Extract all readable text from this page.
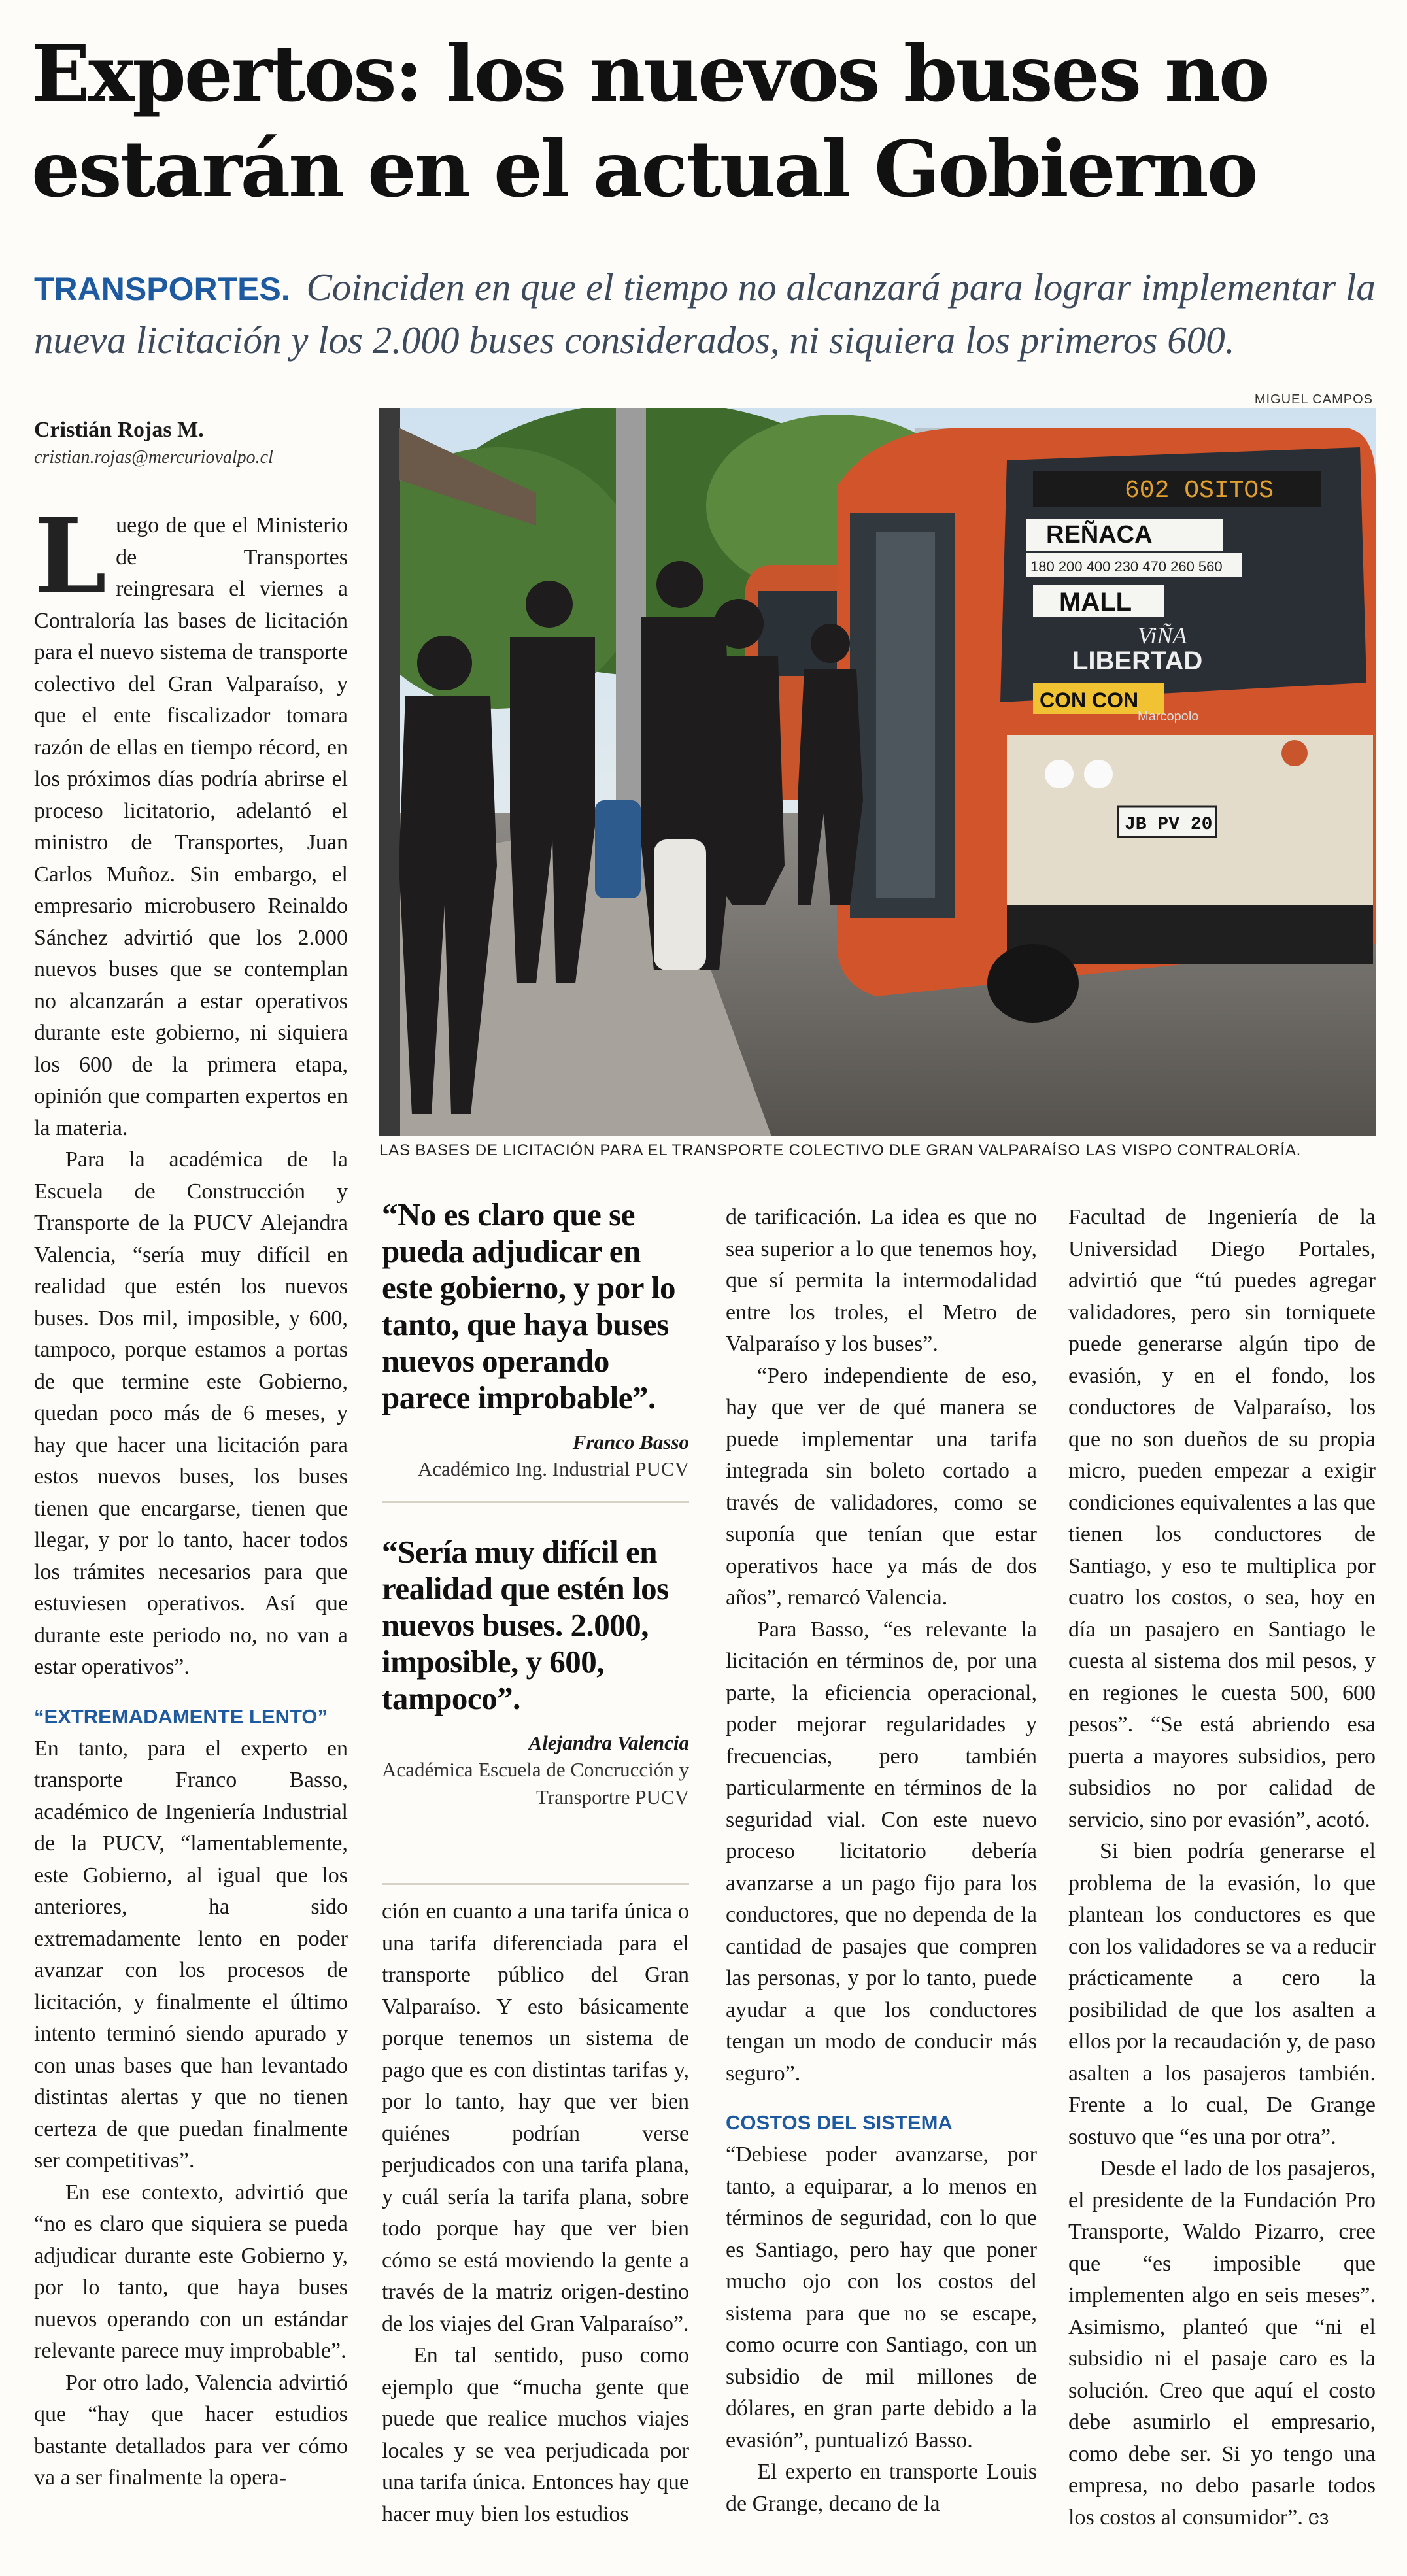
Expertos: los nuevos buses no estarán en el actual Gobierno
TRANSPORTES. Coinciden en que el tiempo no alcanzará para lograr implementar la nueva licitación y los 2.000 buses considerados, ni siquiera los primeros 600.
Cristián Rojas M.
cristian.rojas@mercuriovalpo.cl

Luego de que el Ministerio de Transportes reingresara el viernes a Contraloría las bases de licitación para el nuevo sistema de transporte colectivo del Gran Valparaíso, y que el ente fiscalizador tomara razón de ellas en tiempo récord, en los próximos días podría abrirse el proceso licitatorio, adelantó el ministro de Transportes, Juan Carlos Muñoz. Sin embargo, el empresario microbusero Reinaldo Sánchez advirtió que los 2.000 nuevos buses que se contemplan no alcanzarán a estar operativos durante este gobierno, ni siquiera los 600 de la primera etapa, opinión que comparten expertos en la materia.

Para la académica de la Escuela de Construcción y Transporte de la PUCV Alejandra Valencia, “sería muy difícil en realidad que estén los nuevos buses. Dos mil, imposible, y 600, tampoco, porque estamos a portas de que termine este Gobierno, quedan poco más de 6 meses, y hay que hacer una licitación para estos nuevos buses, los buses tienen que encargarse, tienen que llegar, y por lo tanto, hacer todos los trámites necesarios para que estuviesen operativos. Así que durante este periodo no, no van a estar operativos”.

“EXTREMADAMENTE LENTO”

En tanto, para el experto en transporte Franco Basso, académico de Ingeniería Industrial de la PUCV, “lamentablemente, este Gobierno, al igual que los anteriores, ha sido extremadamente lento en poder avanzar con los procesos de licitación, y finalmente el último intento terminó siendo apurado y con unas bases que han levantado distintas alertas y que no tienen certeza de que puedan finalmente ser competitivas”.

En ese contexto, advirtió que “no es claro que siquiera se pueda adjudicar durante este Gobierno y, por lo tanto, que haya buses nuevos operando con un estándar relevante parece muy improbable”.

Por otro lado, Valencia advirtió que “hay que hacer estudios bastante detallados para ver cómo va a ser finalmente la opera-

MIGUEL CAMPOS
602 OSITOS
REÑACA
180 200 400 230 470 260 560
MALL
ViÑA
LIBERTAD
CON CON
Marcopolo
JB PV 20
LAS BASES DE LICITACIÓN PARA EL TRANSPORTE COLECTIVO DLE GRAN VALPARAÍSO LAS VISPO CONTRALORÍA.
“No es claro que se pueda adjudicar en este gobierno, y por lo tanto, que haya buses nuevos operando parece improbable”.
Franco Basso
Académico Ing. Industrial PUCV
“Sería muy difícil en realidad que estén los nuevos buses. 2.000, imposible, y 600, tampoco”.
Alejandra Valencia
Académica Escuela de Concrucción y Transportre PUCV

ción en cuanto a una tarifa única o una tarifa diferenciada para el transporte público del Gran Valparaíso. Y esto básicamente porque tenemos un sistema de pago que es con distintas tarifas y, por lo tanto, hay que ver bien quiénes podrían verse perjudicados con una tarifa plana, y cuál sería la tarifa plana, sobre todo porque hay que ver bien cómo se está moviendo la gente a través de la matriz origen-destino de los viajes del Gran Valparaíso”.

En tal sentido, puso como ejemplo que “mucha gente que puede que realice muchos viajes locales y se vea perjudicada por una tarifa única. Entonces hay que hacer muy bien los estudios

de tarificación. La idea es que no sea superior a lo que tenemos hoy, que sí permita la intermodalidad entre los troles, el Metro de Valparaíso y los buses”.

“Pero independiente de eso, hay que ver de qué manera se puede implementar una tarifa integrada sin boleto cortado a través de validadores, como se suponía que tenían que estar operativos hace ya más de dos años”, remarcó Valencia.

Para Basso, “es relevante la licitación en términos de, por una parte, la eficiencia operacional, poder mejorar regularidades y frecuencias, pero también particularmente en términos de la seguridad vial. Con este nuevo proceso licitatorio debería avanzarse a un pago fijo para los conductores, que no dependa de la cantidad de pasajes que compren las personas, y por lo tanto, puede ayudar a que los conductores tengan un modo de conducir más seguro”.

COSTOS DEL SISTEMA

“Debiese poder avanzarse, por tanto, a equiparar, a lo menos en términos de seguridad, con lo que es Santiago, pero hay que poner mucho ojo con los costos del sistema para que no se escape, como ocurre con Santiago, con un subsidio de mil millones de dólares, en gran parte debido a la evasión”, puntualizó Basso.

El experto en transporte Louis de Grange, decano de la

Facultad de Ingeniería de la Universidad Diego Portales, advirtió que “tú puedes agregar validadores, pero sin torniquete puede generarse algún tipo de evasión, y en el fondo, los conductores de Valparaíso, los que no son dueños de su propia micro, pueden empezar a exigir condiciones equivalentes a las que tienen los conductores de Santiago, y eso te multiplica por cuatro los costos, o sea, hoy en día un pasajero en Santiago le cuesta al sistema dos mil pesos, y en regiones le cuesta 500, 600 pesos”. “Se está abriendo esa puerta a mayores subsidios, pero subsidios no por calidad de servicio, sino por evasión”, acotó.

Si bien podría generarse el problema de la evasión, lo que plantean los conductores es que con los validadores se va a reducir prácticamente a cero la posibilidad de que los asalten a ellos por la recaudación y, de paso asalten a los pasajeros también. Frente a lo cual, De Grange sostuvo que “es una por otra”.

Desde el lado de los pasajeros, el presidente de la Fundación Pro Transporte, Waldo Pizarro, cree que “es imposible que implementen algo en seis meses”. Asimismo, planteó que “ni el subsidio ni el pasaje caro es la solución. Creo que aquí el costo debe asumirlo el empresario, como debe ser. Si yo tengo una empresa, no debo pasarle todos los costos al consumidor”. ᏣЗ
